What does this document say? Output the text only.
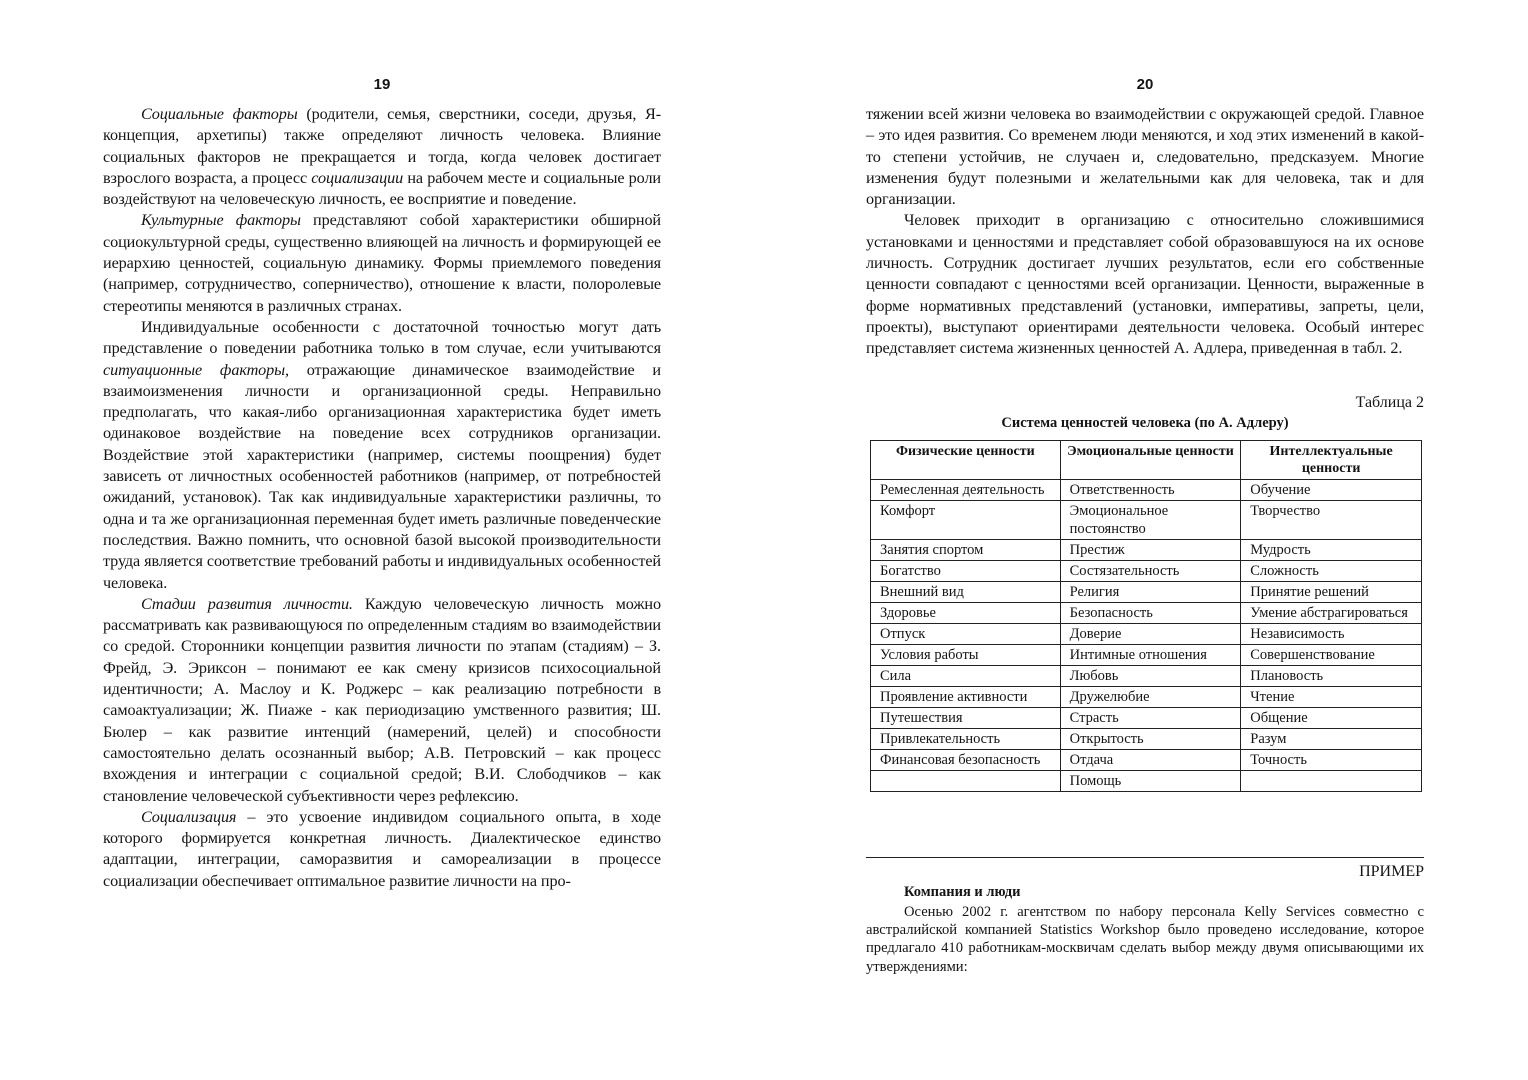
19

Социальные факторы (родители, семья, сверстники, соседи, друзья, Я-концепция, архетипы) также определяют личность человека. Влияние социальных факторов не прекращается и тогда, когда человек достигает взрослого возраста, а процесс социализации на рабочем месте и социальные роли воздействуют на человеческую личность, ее восприятие и поведение.

Культурные факторы представляют собой характеристики обширной социокультурной среды, существенно влияющей на личность и формирующей ее иерархию ценностей, социальную динамику. Формы приемлемого поведения (например, сотрудничество, соперничество), отношение к власти, полоролевые стереотипы меняются в различных странах.

Индивидуальные особенности с достаточной точностью могут дать представление о поведении работника только в том случае, если учитываются ситуационные факторы, отражающие динамическое взаимодействие и взаимоизменения личности и организационной среды. Неправильно предполагать, что какая-либо организационная характеристика будет иметь одинаковое воздействие на поведение всех сотрудников организации. Воздействие этой характеристики (например, системы поощрения) будет зависеть от личностных особенностей работников (например, от потребностей ожиданий, установок). Так как индивидуальные характеристики различны, то одна и та же организационная переменная будет иметь различные поведенческие последствия. Важно помнить, что основной базой высокой производительности труда является соответствие требований работы и индивидуальных особенностей человека.

Стадии развития личности. Каждую человеческую личность можно рассматривать как развивающуюся по определенным стадиям во взаимодействии со средой. Сторонники концепции развития личности по этапам (стадиям) – З. Фрейд, Э. Эриксон – понимают ее как смену кризисов психосоциальной идентичности; А. Маслоу и К. Роджерс – как реализацию потребности в самоактуализации; Ж. Пиаже - как периодизацию умственного развития; Ш. Бюлер – как развитие интенций (намерений, целей) и способности самостоятельно делать осознанный выбор; А.В. Петровский – как процесс вхождения и интеграции с социальной средой; В.И. Слободчиков – как становление человеческой субъективности через рефлексию.

Социализация – это усвоение индивидом социального опыта, в ходе которого формируется конкретная личность. Диалектическое единство адаптации, интеграции, саморазвития и самореализации в процессе социализации обеспечивает оптимальное развитие личности на про-

20

тяжении всей жизни человека во взаимодействии с окружающей средой. Главное – это идея развития. Со временем люди меняются, и ход этих изменений в какой-то степени устойчив, не случаен и, следовательно, предсказуем. Многие изменения будут полезными и желательными как для человека, так и для организации.

Человек приходит в организацию с относительно сложившимися установками и ценностями и представляет собой образовавшуюся на их основе личность. Сотрудник достигает лучших результатов, если его собственные ценности совпадают с ценностями всей организации. Ценности, выраженные в форме нормативных представлений (установки, императивы, запреты, цели, проекты), выступают ориентирами деятельности человека. Особый интерес представляет система жизненных ценностей А. Адлера, приведенная в табл. 2.

Таблица 2
Система ценностей человека (по А. Адлеру)
Физические ценности	Эмоциональные ценности	Интеллектуальные ценности
Ремесленная деятельность	Ответственность	Обучение
Комфорт	Эмоциональное постоянство	Творчество
Занятия спортом	Престиж	Мудрость
Богатство	Состязательность	Сложность
Внешний вид	Религия	Принятие решений
Здоровье	Безопасность	Умение абстрагироваться
Отпуск	Доверие	Независимость
Условия работы	Интимные отношения	Совершенствование
Сила	Любовь	Плановость
Проявление активности	Дружелюбие	Чтение
Путешествия	Страсть	Общение
Привлекательность	Открытость	Разум
Финансовая безопасность	Отдача	Точность
	Помощь	
ПРИМЕР
Компания и люди

Осенью 2002 г. агентством по набору персонала Kelly Services совместно с австралийской компанией Statistics Workshop было проведено исследование, которое предлагало 410 работникам-москвичам сделать выбор между двумя описывающими их утверждениями:
